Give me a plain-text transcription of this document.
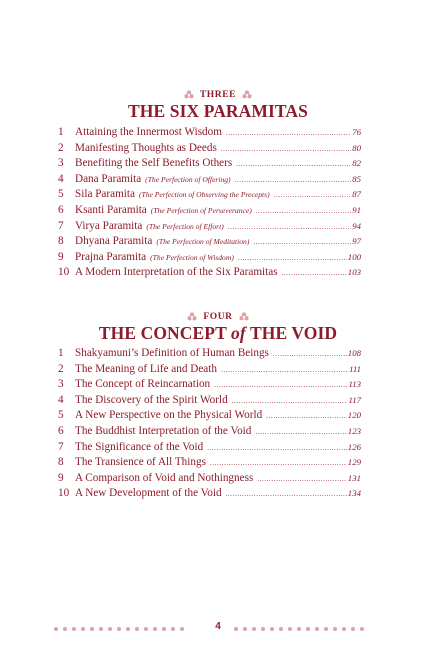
THREE
THE SIX PARAMITAS
1	Attaining the Innermost Wisdom .....	76
2	Manifesting Thoughts as Deeds .....	80
3	Benefiting the Self Benefits Others .....	82
4	Dana Paramita (The Perfection of Offering) .....	85
5	Sila Paramita (The Perfection of Observing the Precepts) .....	87
6	Ksanti Paramita (The Perfection of Perseverance) .....	91
7	Virya Paramita (The Perfection of Effort) .....	94
8	Dhyana Paramita (The Perfection of Meditation) .....	97
9	Prajna Paramita (The Perfection of Wisdom) .....	100
10 A Modern Interpretation of the Six Paramitas .....	103
FOUR
THE CONCEPT of THE VOID
1	Shakyamuni’s Definition of Human Beings .....	108
2	The Meaning of Life and Death .....	111
3	The Concept of Reincarnation .....	113
4	The Discovery of the Spirit World .....	117
5	A New Perspective on the Physical World .....	120
6	The Buddhist Interpretation of the Void .....	123
7	The Significance of the Void .....	126
8	The Transience of All Things .....	129
9	A Comparison of Void and Nothingness .....	131
10 A New Development of the Void .....	134
4
